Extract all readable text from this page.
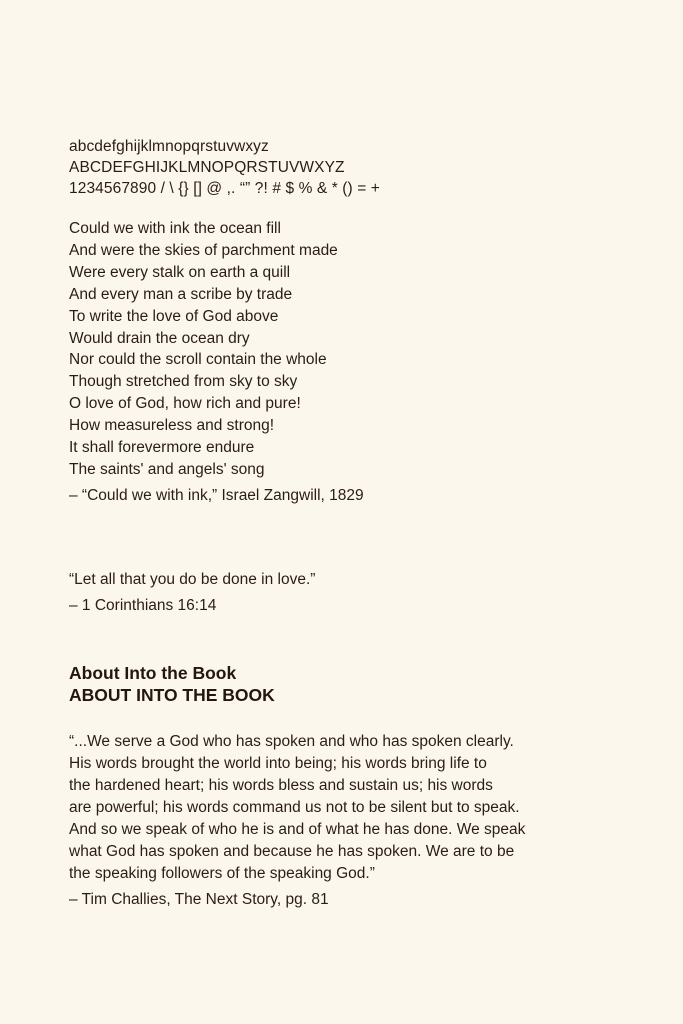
abcdefghijklmnopqrstuvwxyz
ABCDEFGHIJKLMNOPQRSTUVWXYZ
1234567890 / \ {} [] @ ,. “” ?! # $ % & * () = +
Could we with ink the ocean fill
And were the skies of parchment made
Were every stalk on earth a quill
And every man a scribe by trade
To write the love of God above
Would drain the ocean dry
Nor could the scroll contain the whole
Though stretched from sky to sky
O love of God, how rich and pure!
How measureless and strong!
It shall forevermore endure
The saints' and angels' song
– “Could we with ink,” Israel Zangwill, 1829
“Let all that you do be done in love.”
– 1 Corinthians 16:14
About Into the Book
ABOUT INTO THE BOOK
“...We serve a God who has spoken and who has spoken clearly.
His words brought the world into being; his words bring life to
the hardened heart; his words bless and sustain us; his words
are powerful; his words command us not to be silent but to speak.
And so we speak of who he is and of what he has done. We speak
what God has spoken and because he has spoken. We are to be
the speaking followers of the speaking God.”
– Tim Challies, The Next Story, pg. 81
